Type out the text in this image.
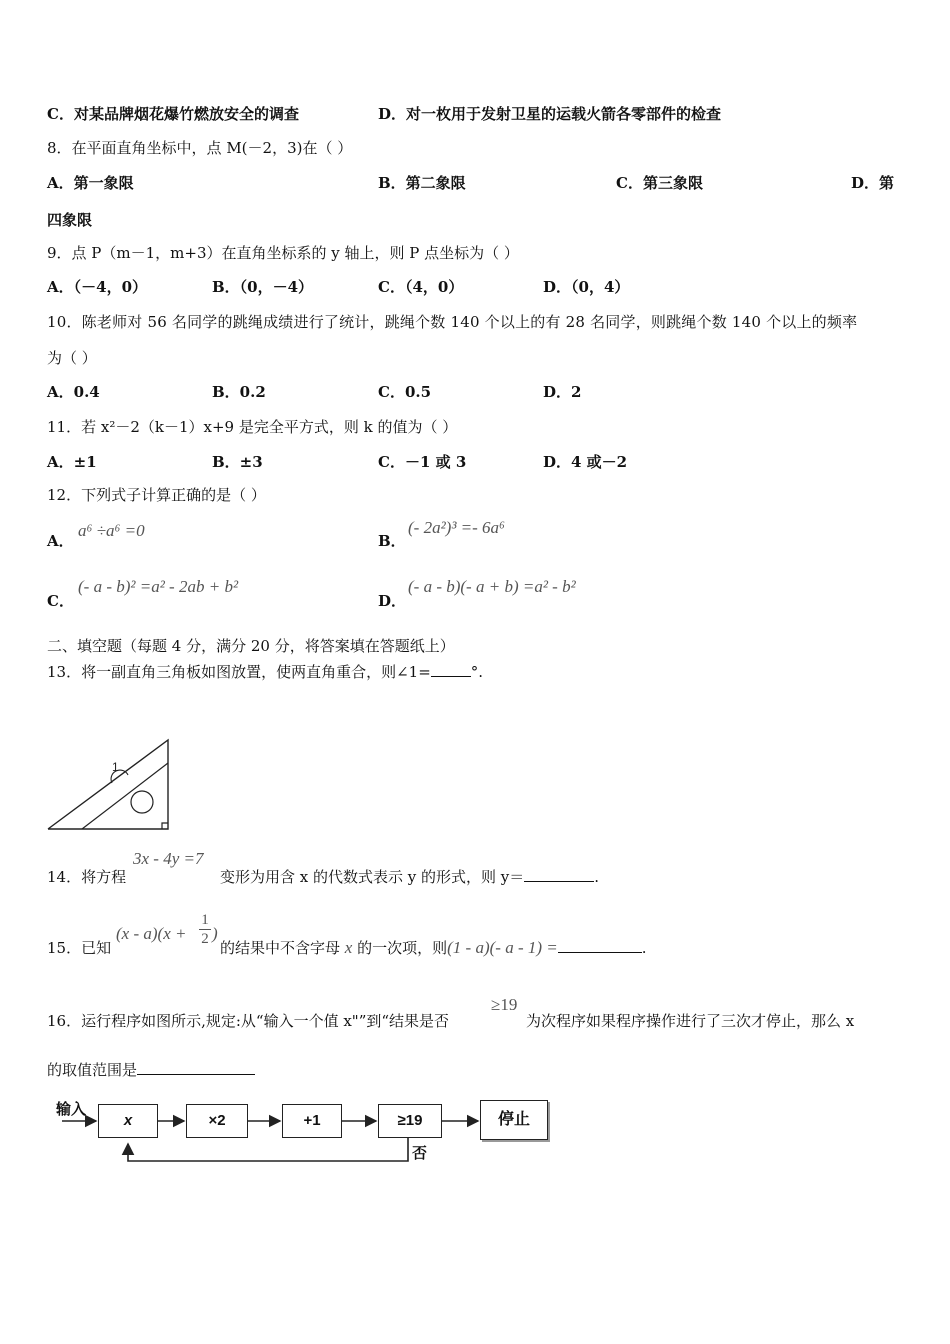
C．对某品牌烟花爆竹燃放安全的调查	D．对一枚用于发射卫星的运载火箭各零部件的检查
8．在平面直角坐标中，点 M(－2，3)在（ ）
A．第一象限	B．第二象限	C．第三象限	D．第
四象限
9．点 P（m－1，m+3）在直角坐标系的 y 轴上，则 P 点坐标为（ ）
A．（－4，0）	B．（0，－4）	C．（4，0）	D．（0，4）
10．陈老师对 56 名同学的跳绳成绩进行了统计，跳绳个数 140 个以上的有 28 名同学，则跳绳个数 140 个以上的频率
为（ ）
A．0.4	B．0.2	C．0.5	D．2
11．若 x²－2（k－1）x+9 是完全平方式，则 k 的值为（ ）
A．±1	B．±3	C．－1 或 3	D．4 或－2
12．下列式子计算正确的是（ ）
A．
a⁶ ÷a⁶ =0
B．
(- 2a²)³ =- 6a⁶
C．
(- a - b)² =a² - 2ab + b²
D．
(- a - b)(- a + b) =a² - b²
二、填空题（每题 4 分，满分 20 分，将答案填在答题纸上）
13．将一副直角三角板如图放置，使两直角重合，则∠1=	°.
1
14．将方程
3x - 4y =7
变形为用含 x 的代数式表示 y 的形式，则 y＝	.
15．已知
$(x - a)(x + \frac{1}{2}$ )
的结果中不含字母 x 的一次项，则(1 - a)(- a - 1) =	.
16．运行程序如图所示,规定:从“输入一个值 x"”到“结果是否
≥19
为次程序如果程序操作进行了三次才停止，那么 x
的取值范围是
输入
x	×2	+1	≥19	停止
否
